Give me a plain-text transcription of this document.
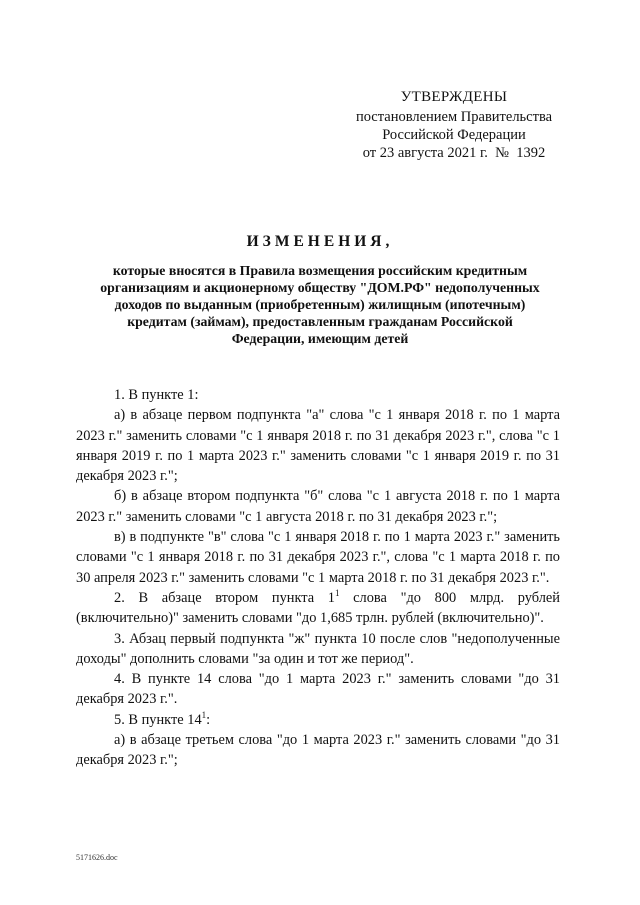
УТВЕРЖДЕНЫ
постановлением Правительства
Российской Федерации
от 23 августа 2021 г.  №  1392
ИЗМЕНЕНИЯ,
которые вносятся в Правила возмещения российским кредитным организациям и акционерному обществу "ДОМ.РФ" недополученных доходов по выданным (приобретенным) жилищным (ипотечным) кредитам (займам), предоставленным гражданам Российской Федерации, имеющим детей

1. В пункте 1:

а) в абзаце первом подпункта "а" слова "с 1 января 2018 г. по 1 марта 2023 г." заменить словами "с 1 января 2018 г. по 31 декабря 2023 г.", слова "с 1 января 2019 г. по 1 марта 2023 г." заменить словами "с 1 января 2019 г. по 31 декабря 2023 г.";

б) в абзаце втором подпункта "б" слова "с 1 августа 2018 г. по 1 марта 2023 г." заменить словами "с 1 августа 2018 г. по 31 декабря 2023 г.";

в) в подпункте "в" слова "с 1 января 2018 г. по 1 марта 2023 г." заменить словами "с 1 января 2018 г. по 31 декабря 2023 г.", слова "с 1 марта 2018 г. по 30 апреля 2023 г." заменить словами "с 1 марта 2018 г. по 31 декабря 2023 г.".

2. В абзаце втором пункта $1^1$ слова "до 800 млрд. рублей (включительно)" заменить словами "до 1,685 трлн. рублей (включительно)".

3. Абзац первый подпункта "ж" пункта 10 после слов "недополученные доходы" дополнить словами "за один и тот же период".

4. В пункте 14 слова "до 1 марта 2023 г." заменить словами "до 31 декабря 2023 г.".

5. В пункте $14^1$:

а) в абзаце третьем слова "до 1 марта 2023 г." заменить словами "до 31 декабря 2023 г.";

5171626.doc
